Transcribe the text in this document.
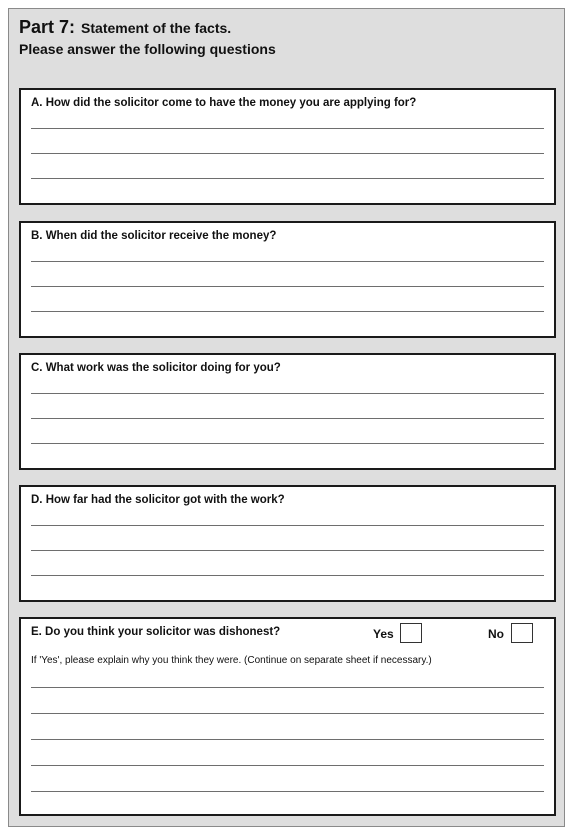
Part 7: Statement of the facts.
Please answer the following questions
A. How did the solicitor come to have the money you are applying for?
B. When did the solicitor receive the money?
C. What work was the solicitor doing for you?
D. How far had the solicitor got with the work?
E. Do you think your solicitor was dishonest?	Yes	No
If 'Yes', please explain why you think they were. (Continue on separate sheet if necessary.)
